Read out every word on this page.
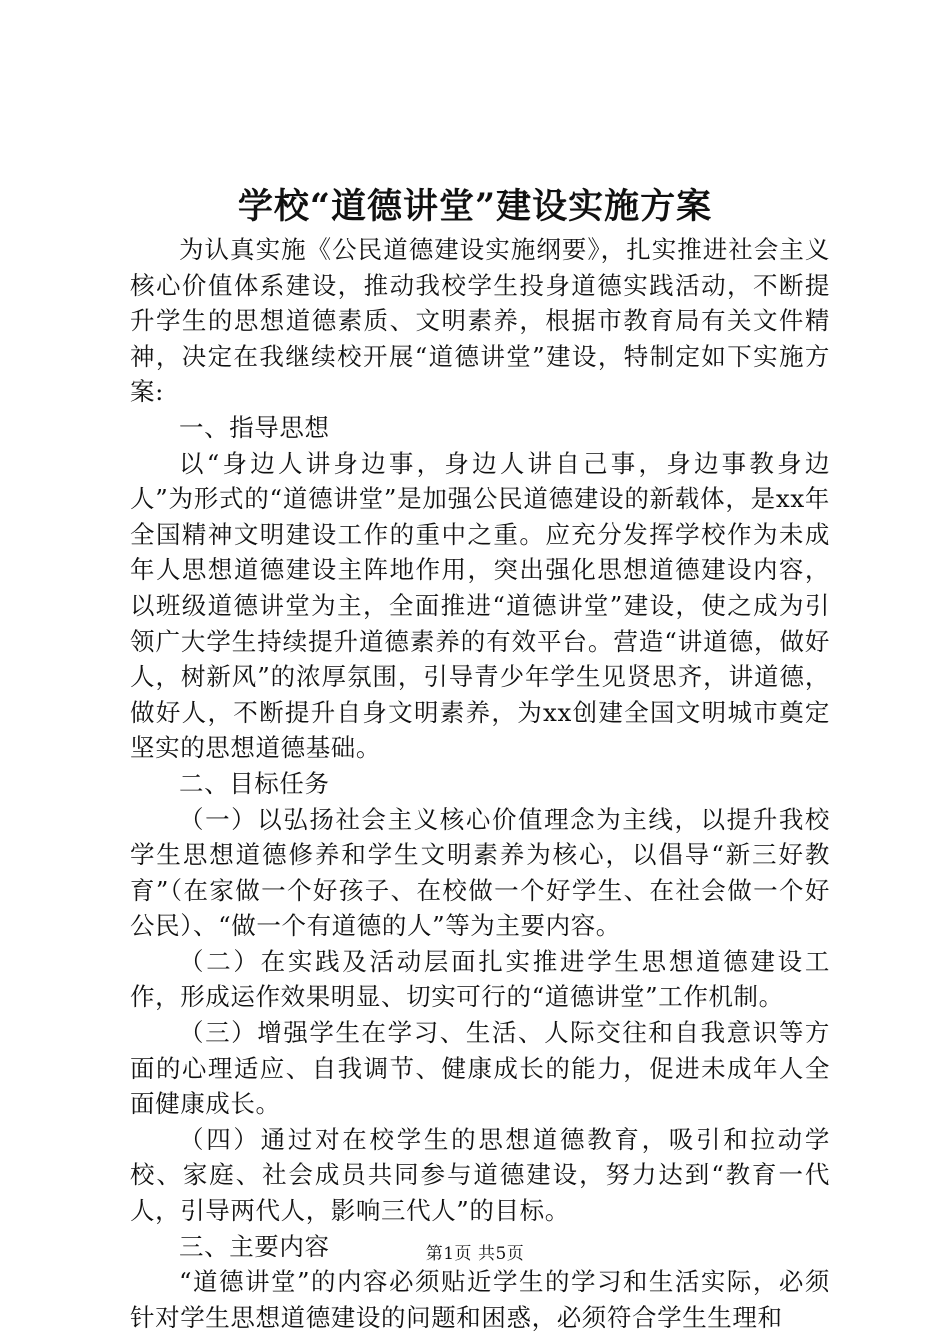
学校“道德讲堂”建设实施方案

为认真实施《公民道德建设实施纲要》，扎实推进社会主义核心价值体系建设，推动我校学生投身道德实践活动，不断提升学生的思想道德素质、文明素养，根据市教育局有关文件精神，决定在我继续校开展“道德讲堂”建设，特制定如下实施方案:

一、指导思想

以“身边人讲身边事，身边人讲自己事，身边事教身边人”为形式的“道德讲堂”是加强公民道德建设的新载体，是xx年全国精神文明建设工作的重中之重。应充分发挥学校作为未成年人思想道德建设主阵地作用，突出强化思想道德建设内容，以班级道德讲堂为主，全面推进“道德讲堂”建设，使之成为引领广大学生持续提升道德素养的有效平台。营造“讲道德，做好人，树新风”的浓厚氛围，引导青少年学生见贤思齐，讲道德，做好人，不断提升自身文明素养，为xx创建全国文明城市奠定坚实的思想道德基础。

二、目标任务

（一）以弘扬社会主义核心价值理念为主线，以提升我校学生思想道德修养和学生文明素养为核心，以倡导“新三好教育”（在家做一个好孩子、在校做一个好学生、在社会做一个好公民）、“做一个有道德的人”等为主要内容。

（二）在实践及活动层面扎实推进学生思想道德建设工作，形成运作效果明显、切实可行的“道德讲堂”工作机制。

（三）增强学生在学习、生活、人际交往和自我意识等方面的心理适应、自我调节、健康成长的能力，促进未成年人全面健康成长。

（四）通过对在校学生的思想道德教育，吸引和拉动学校、家庭、社会成员共同参与道德建设，努力达到“教育一代人，引导两代人，影响三代人”的目标。

三、主要内容

“道德讲堂”的内容必须贴近学生的学习和生活实际，必须针对学生思想道德建设的问题和困惑，必须符合学生生理和

第1页 共5页
